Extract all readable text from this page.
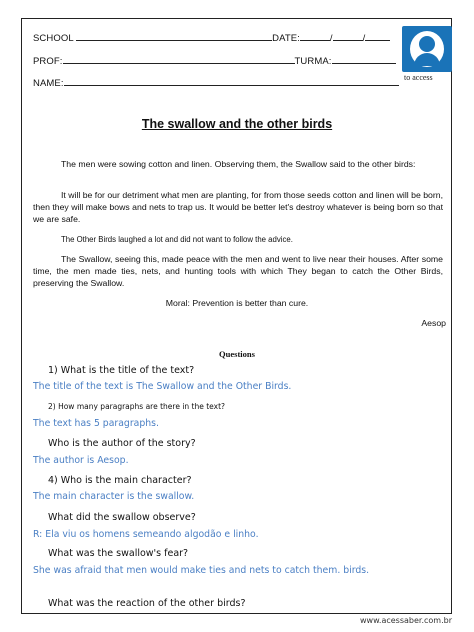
SCHOOL	DATE:	/	/
PROF:	TURMA:
NAME:
to access
The swallow and the other birds
The men were sowing cotton and linen. Observing them, the Swallow said to the other birds:
It will be for our detriment what men are planting, for from those seeds cotton and linen will be born, then they will make bows and nets to trap us. It would be better let's destroy whatever is being born so that we are safe.
The Other Birds laughed a lot and did not want to follow the advice.
The Swallow, seeing this, made peace with the men and went to live near their houses. After some time, the men made ties, nets, and hunting tools with which They began to catch the Other Birds, preserving the Swallow.
Moral: Prevention is better than cure.
Aesop
Questions
1) What is the title of the text?
The title of the text is The Swallow and the Other Birds.
2) How many paragraphs are there in the text?
The text has 5 paragraphs.
Who is the author of the story?
The author is Aesop.
4) Who is the main character?
The main character is the swallow.
What did the swallow observe?
R: Ela viu os homens semeando algodão e linho.
What was the swallow's fear?
She was afraid that men would make ties and nets to catch them. birds.
What was the reaction of the other birds?
www.acessaber.com.br
